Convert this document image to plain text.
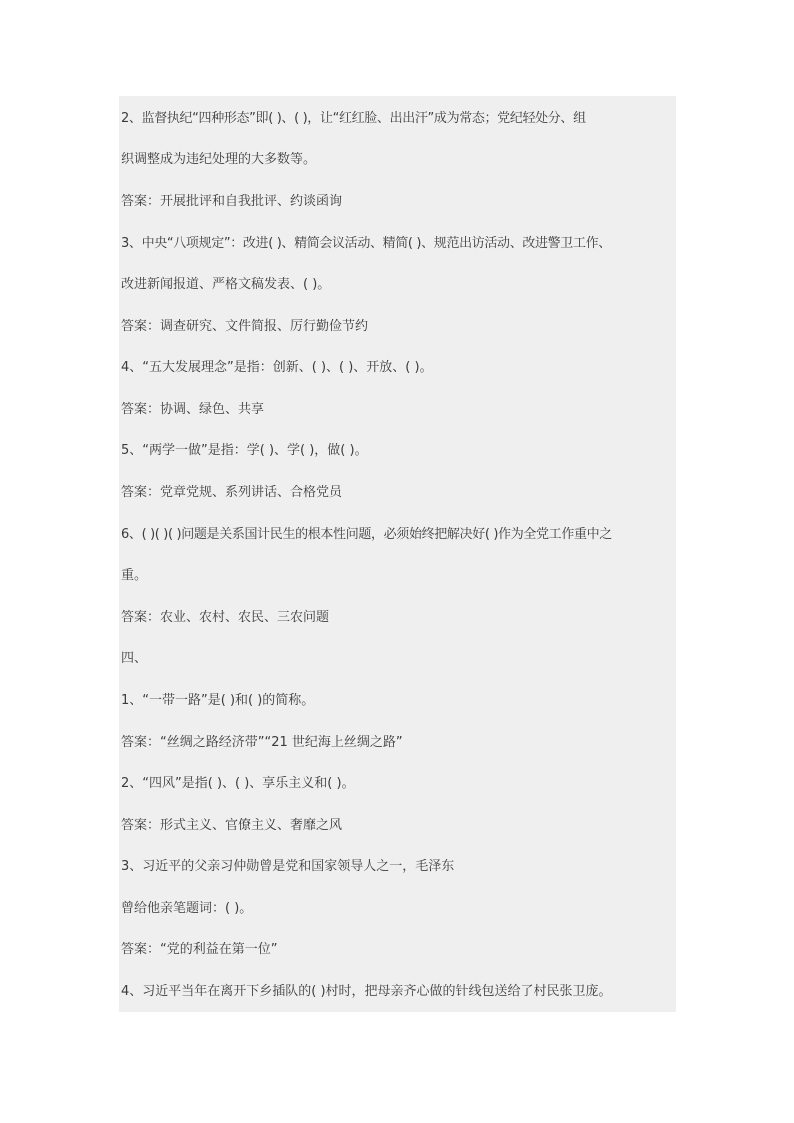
2、监督执纪“四种形态”即( )、( )，让“红红脸、出出汗”成为常态；党纪轻处分、组
织调整成为违纪处理的大多数等。
答案：开展批评和自我批评、约谈函询
3、中央“八项规定”：改进( )、精简会议活动、精简( )、规范出访活动、改进警卫工作、
改进新闻报道、严格文稿发表、( )。
答案：调查研究、文件简报、厉行勤俭节约
4、“五大发展理念”是指：创新、( )、( )、开放、( )。
答案：协调、绿色、共享
5、“两学一做”是指：学( )、学( )，做( )。
答案：党章党规、系列讲话、合格党员
6、( )( )( )问题是关系国计民生的根本性问题，必须始终把解决好( )作为全党工作重中之
重。
答案：农业、农村、农民、三农问题
四、
1、“一带一路”是( )和( )的简称。
答案：“丝绸之路经济带”“21 世纪海上丝绸之路”
2、“四风”是指( )、( )、享乐主义和( )。
答案：形式主义、官僚主义、奢靡之风
3、习近平的父亲习仲勋曾是党和国家领导人之一，毛泽东
曾给他亲笔题词：( )。
答案：“党的利益在第一位”
4、习近平当年在离开下乡插队的( )村时，把母亲齐心做的针线包送给了村民张卫庞。
